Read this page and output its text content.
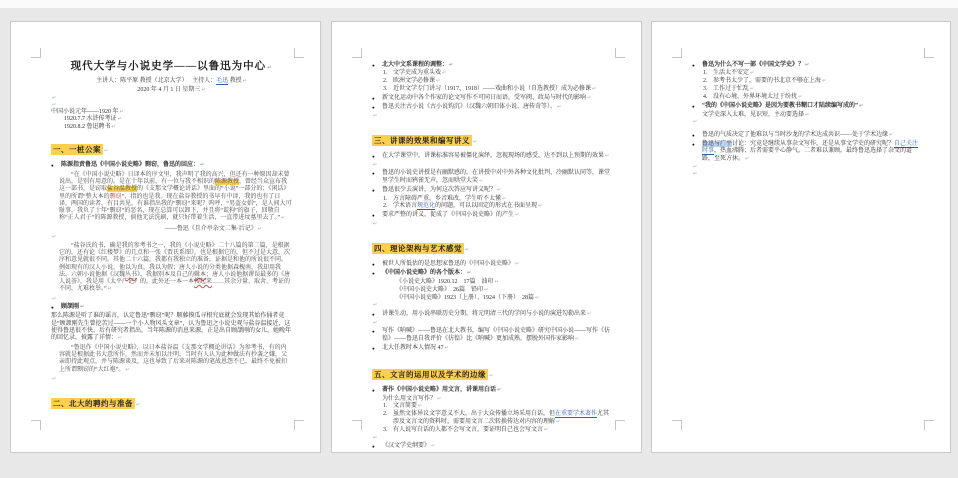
现代大学与小说史学——以鲁迅为中心 ↵
主讲人：陈平原 教授（北京大学）　 主持人：毛迅 教授 ↵
2020 年 4 月 1 日 星期三 ↵
↵
↵
中国小说元年——1920 年 ↵
1920.7.7 水浒传考证 ↵
1920.8.2 鲁迅聘书 ↵
一、一桩公案 ↵
● 陈源指责鲁迅《中国小说史略》剽窃，鲁迅的回应： ↵
“在《中国小说史略》日译本的序文里，我声明了我的高兴，但还有一种原因却未曾说出，是别有用意的。是在十年以前，有一位与我不相识的陈源教授，曾经当众宣布我这一部书，是窃取盐谷温教授的《支那文学概论讲话》里面的“小说”一部分的；《闲话》里的所谓“整大本的剽窃”，指的也是我。现在盐谷教授的书早有中译，我的也有了日译，两国的读者，有目共见，有谁指出我的“剽窃”来呢？呜呼，“男盗女娼”，是人间大可耻事，我负了十年“剽窃”的恶名，现在总算可以卸下，并且将“谎狗”的旗子，回敬自称“正人君子”的陈源教授，倘他无法洗刷，就只好带着生活，一直带进坟墓里去了。” ↵
——鲁迅《且介亭杂文二集·后记》 ↵
↵
“盐谷氏的书，确是我的参考书之一，我的《小说史略》二十八篇的第二篇，是根据它的，还有论《红楼梦》的几点和一张《贾氏系图》，也是根据它的，但不过是大意，次序和意见就很不同。其他二十六篇，我都有我独立的准备，证据是和他的所说很不同。例如现有的汉人小说，他以为真，我以为假；唐人小说的分类他据森槐南，我却用我法。六朝小说他据《汉魏丛书》，我据别本及自己的辑本；唐人小说他据谬误最多的《唐人说荟》，我是用《太平广记》的，此外还一本一本搜起来……其余分量、取舍、考证的不同，尤难枚举。” ↵
↵
● 顾颉刚 ↵
那么陈源是听了谁的谣言，认定鲁迅“剽窃”呢？顺藤摸瓜寻根究底就会发现其始作俑者竟是“顾颉刚先生曾挖苦过——一个小人物风头文章”，认为鲁迅之小说史观与盐谷温接近，这使得鲁迅很不快。后有研究者指出，当年陈源的消息来源，正是出自顾颉刚的女儿，她晚年的回忆录，披露了详情： ↵
“鲁迅作《中国小说史略》，以日本盐谷温《支那文学概论讲话》为参考书，有的内容就是根据此书大意所作，然而并未加以注明，当时有人认为此种做法有抄袭之嫌，父亲即持此观点，并与陈源谈及，这也导致了后来对陈源的笔战恩怨不已，最终不免被扣上所谓剽窃的“大红袍”。 ↵
↵
二、北大的聘约与准备 ↵
● 北大中文系课程的调整： ↵
1. 文学史成为重头戏 ↵
2. 欧洲文学必修课 ↵
3. 近世文学专门讲习（1917、1918）——戏曲和小说（自选教授）成为必修课 ↵
● 新文化运动中各个作家的论文写作不可同日而语，受军阀、政局与时代的影响 ↵
● 鲁迅关注古小说《古小说钩沉》（汉魏六朝旧体小说、唐传奇等）。 ↵
↵
三、讲课的效果和编写讲义 ↵
● 在大学课堂中，讲课标准容易被僵化演绎，忽视现场的感受，达不到以上预期的效果 ↵
↵
● 鲁迅的小说史讲授是有幽默感的，在讲授中对中外各种文化批判、冷幽默认同等，课堂里学生时而鸦雀无声，忽而哄堂大笑 ↵
● 鲁迅很少去演讲，为何这次答应写讲义呢？ ↵
1. 方言障碍严重，乡音难改，学生听不太懂 ↵
2. 学术语言规范化的问题，可以以固定的形式在书面呈现 ↵
● 要求严整的讲义，促成了《中国小说史略》的产生 ↵
↵
四、理论架构与艺术感觉 ↵
● 被世人所低估的是思想家鲁迅的《中国小说史略》 ↵
● 《中国小说史略》的各个版本： ↵
《小说史大略》1920.12　17篇　油印 ↵
《中国小说史大略》　26篇　铅印 ↵
《中国小说史略》1923（上册）、1924（下册）　28篇 ↵
↵
● 讲课生动，用小说串联历史分期，将元明清三代的学问与小说的演进勾勒出来 ↵
↵
● 写作《呐喊》——鲁迅在北大教书，编写《中国小说史略》研究中国小说——写作《彷徨》——鲁迅自我评价《彷徨》比《呐喊》更加成熟，摆脱外国作家影响 ↵
● 北大任教时本人情况 47 ↵
五、文言的运用以及学术的边缘 ↵
● 著作《中国小说史略》用文言，讲课用白话 ↵
为什么用文言写作？ ↵
1. 文言简要 ↵
2. 虽然文体异议文字意义不大，出于大众传播立场采用白话，但在重要学术著作尤其涉及文言文的资料时，需要用文言二次转换传达对内容的理解 ↵
3. 有人说写白话的人都不会写文言，要证明自己也会写文言 ↵
↵
● 《汉文学史纲要》 ↵
● 鲁迅为什么不写一部《中国文学史》？ ↵
1. 生活太不安定 ↵
2. 参考书太少了，需要的书北京不够在上海 ↵
3. 工作过于忙乱 ↵
4. 没有心境，外界环境太过于纷扰 ↵
● “我的《中国小说史略》是因为要教书糊口才陆续编写成的” ↵
文学史深入太难，见识短，主动要选择 ↵
↵
● 鲁迅的气质决定了他难以与当时沙龙的学术达成共识——处于学术边缘 ↵
● 鲁迅与广平讨论：究竟是继续从事杂文写作，还是从事文学史的研究呢？自己关注时事，热血沸腾；后者需要平心静气，二者难以兼顾，最终鲁迅选择了杂文的道路，至死方休。 ↵
↵
↵
